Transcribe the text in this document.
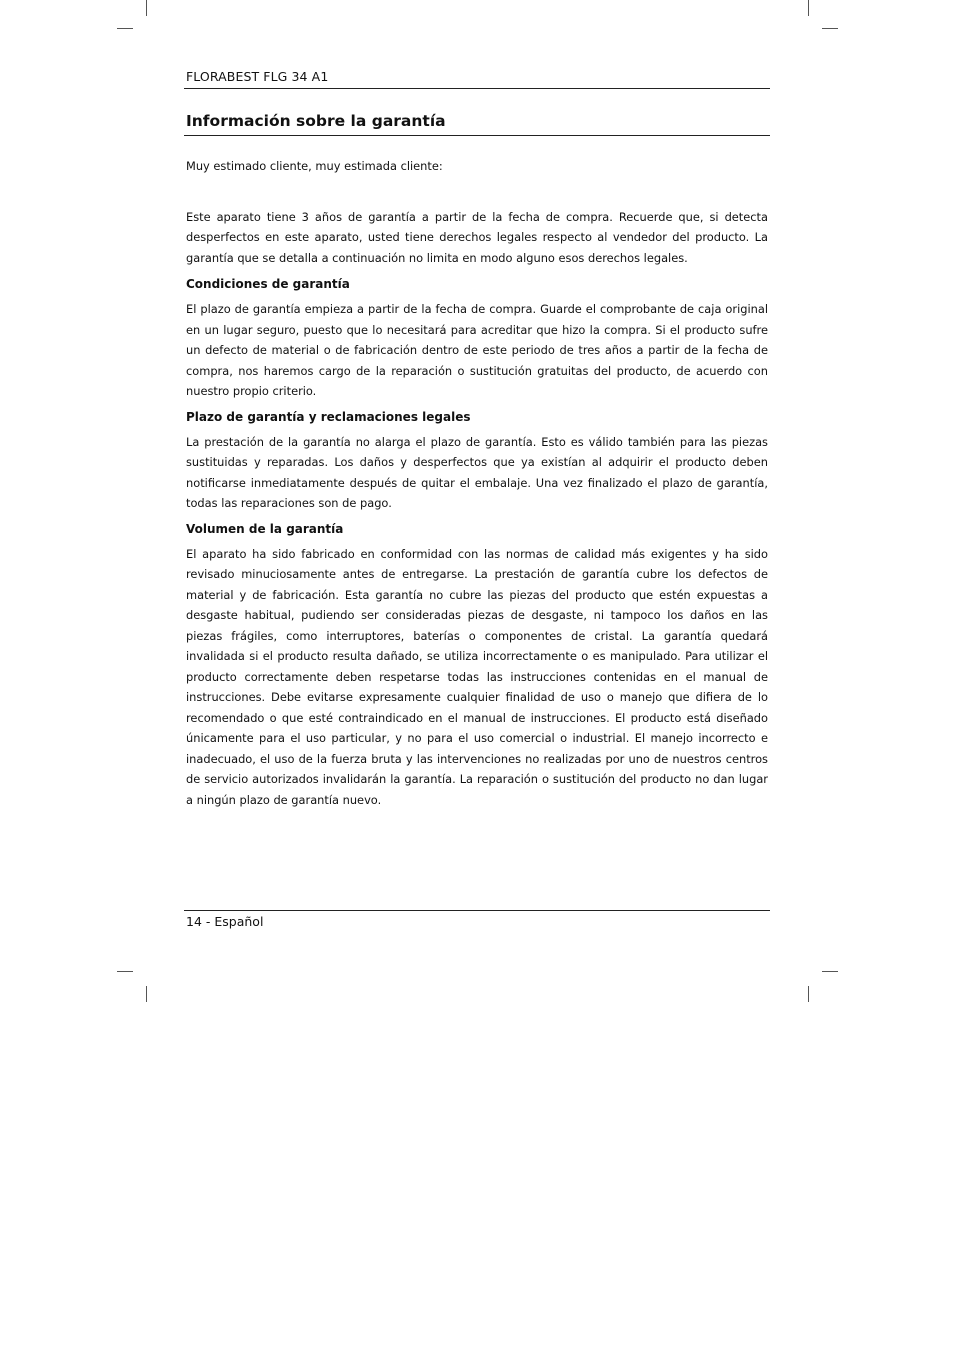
FLORABEST FLG 34 A1
Información sobre la garantía

Muy estimado cliente, muy estimada cliente:

Este aparato tiene 3 años de garantía a partir de la fecha de compra. Recuerde que, si detecta desperfectos en este aparato, usted tiene derechos legales respecto al vendedor del producto. La garantía que se detalla a continuación no limita en modo alguno esos derechos legales.

Condiciones de garantía

El plazo de garantía empieza a partir de la fecha de compra. Guarde el comprobante de caja original en un lugar seguro, puesto que lo necesitará para acreditar que hizo la compra. Si el producto sufre un defecto de material o de fabricación dentro de este periodo de tres años a partir de la fecha de compra, nos haremos cargo de la reparación o sustitución gratuitas del producto, de acuerdo con nuestro propio criterio.

Plazo de garantía y reclamaciones legales

La prestación de la garantía no alarga el plazo de garantía. Esto es válido también para las piezas sustituidas y reparadas. Los daños y desperfectos que ya existían al adquirir el producto deben notificarse inmediatamente después de quitar el embalaje. Una vez finalizado el plazo de garantía, todas las reparaciones son de pago.

Volumen de la garantía

El aparato ha sido fabricado en conformidad con las normas de calidad más exigentes y ha sido revisado minuciosamente antes de entregarse. La prestación de garantía cubre los defectos de material y de fabricación. Esta garantía no cubre las piezas del producto que estén expuestas a desgaste habitual, pudiendo ser consideradas piezas de desgaste, ni tampoco los daños en las piezas frágiles, como interruptores, baterías o componentes de cristal. La garantía quedará invalidada si el producto resulta dañado, se utiliza incorrectamente o es manipulado. Para utilizar el producto correctamente deben respetarse todas las instrucciones contenidas en el manual de instrucciones. Debe evitarse expresamente cualquier finalidad de uso o manejo que difiera de lo recomendado o que esté contraindicado en el manual de instrucciones. El producto está diseñado únicamente para el uso particular, y no para el uso comercial o industrial. El manejo incorrecto e inadecuado, el uso de la fuerza bruta y las intervenciones no realizadas por uno de nuestros centros de servicio autorizados invalidarán la garantía. La reparación o sustitución del producto no dan lugar a ningún plazo de garantía nuevo.

14 - Español
